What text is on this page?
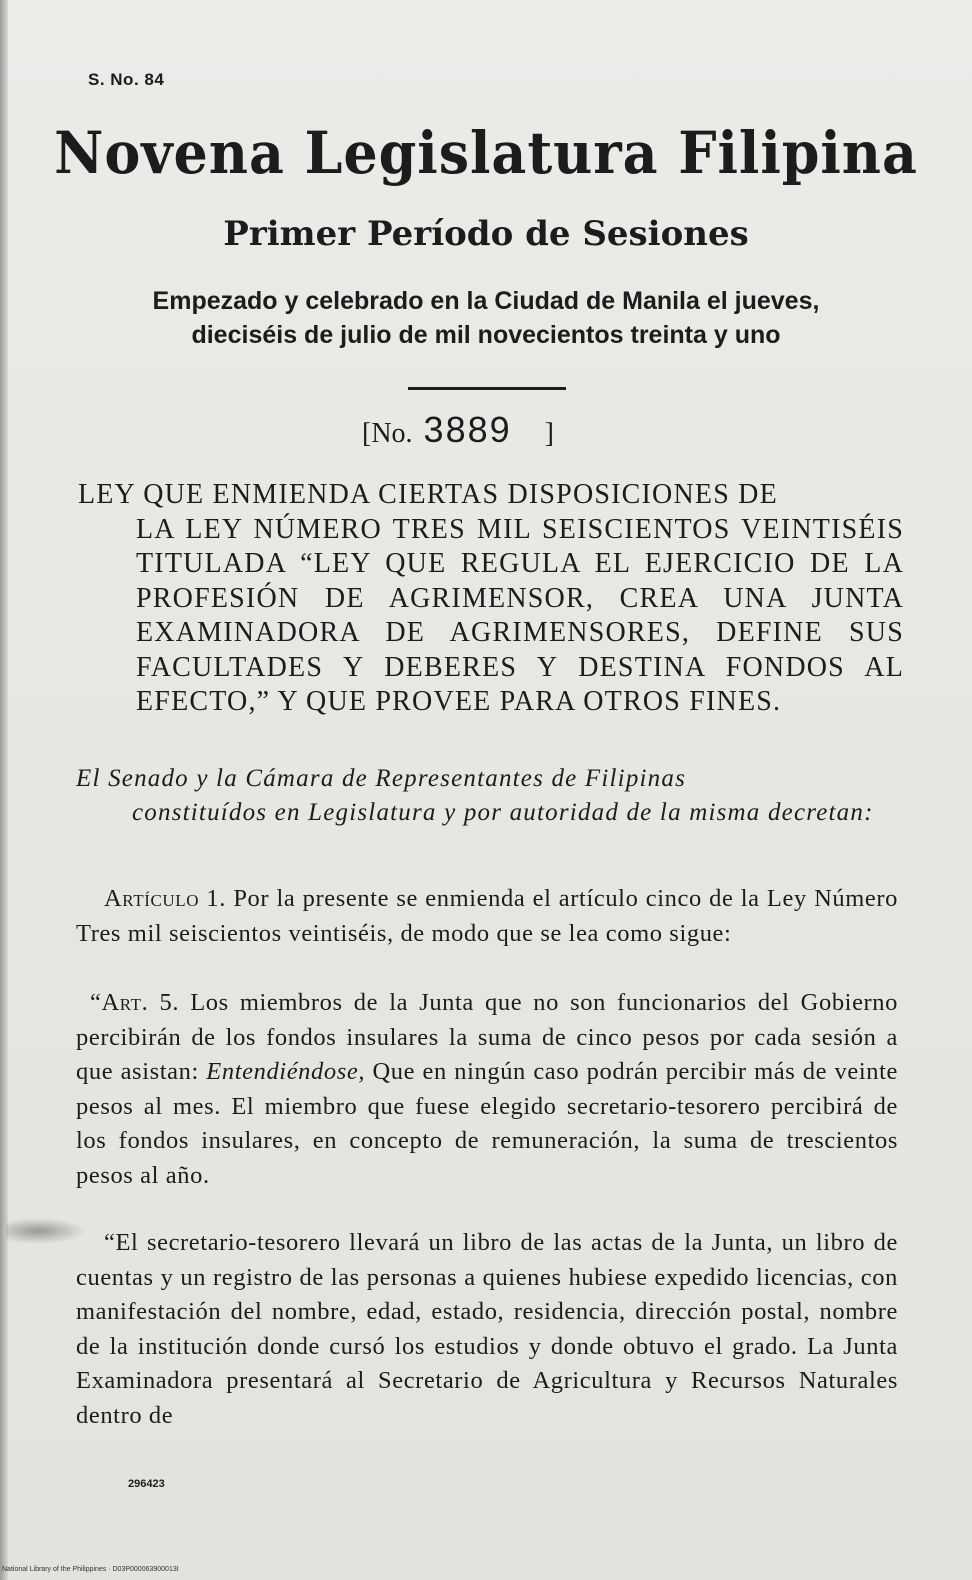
S. No. 84
Novena Legislatura Filipina
Primer Período de Sesiones
Empezado y celebrado en la Ciudad de Manila el jueves,
dieciséis de julio de mil novecientos treinta y uno
[No. 3889 ]
LEY QUE ENMIENDA CIERTAS DISPOSICIONES DE
LA LEY NÚMERO TRES MIL SEISCIENTOS VEINTISÉIS TITULADA “LEY QUE REGULA EL EJERCICIO DE LA PROFESIÓN DE AGRIMENSOR, CREA UNA JUNTA EXAMINADORA DE AGRIMENSORES, DEFINE SUS FACULTADES Y DEBERES Y DESTINA FONDOS AL EFECTO,” Y QUE PROVEE PARA OTROS FINES.
El Senado y la Cámara de Representantes de Filipinas
constituídos en Legislatura y por autoridad de la misma decretan:
Artículo 1. Por la presente se enmienda el artículo cinco de la Ley Número Tres mil seiscientos veintiséis, de modo que se lea como sigue:
“Art. 5. Los miembros de la Junta que no son funcionarios del Gobierno percibirán de los fondos insulares la suma de cinco pesos por cada sesión a que asistan: Entendiéndose, Que en ningún caso podrán percibir más de veinte pesos al mes. El miembro que fuese elegido secretario-tesorero percibirá de los fondos insulares, en concepto de remuneración, la suma de trescientos pesos al año.
“El secretario-tesorero llevará un libro de las actas de la Junta, un libro de cuentas y un registro de las personas a quienes hubiese expedido licencias, con manifestación del nombre, edad, estado, residencia, dirección postal, nombre de la institución donde cursó los estudios y donde obtuvo el grado. La Junta Examinadora presentará al Secretario de Agricultura y Recursos Naturales dentro de
296423
National Library of the Philippines · D03P000063900013I
